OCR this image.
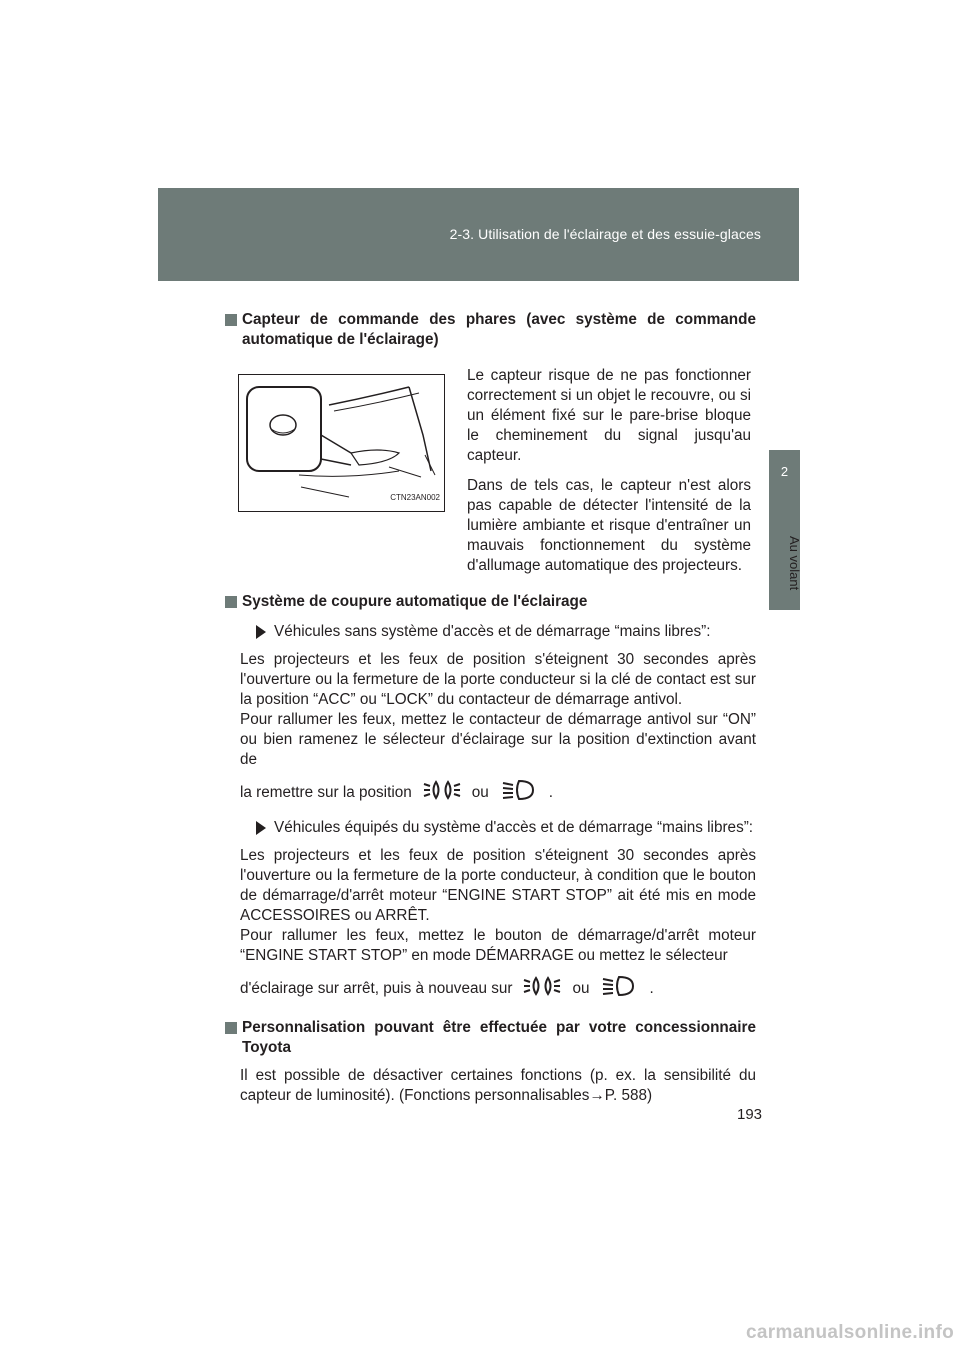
2-3. Utilisation de l'éclairage et des essuie-glaces
2
Au volant
Capteur de commande des phares (avec système de commande automatique de l'éclairage)
CTN23AN002

Le capteur risque de ne pas fonctionner correctement si un objet le recouvre, ou si un élément fixé sur le pare-brise bloque le cheminement du signal jusqu'au capteur.

Dans de tels cas, le capteur n'est alors pas capable de détecter l'intensité de la lumière ambiante et risque d'entraîner un mauvais fonctionnement du système d'allumage automatique des projecteurs.

Système de coupure automatique de l'éclairage
Véhicules sans système d'accès et de démarrage “mains libres”:

Les projecteurs et les feux de position s'éteignent 30 secondes après l'ouverture ou la fermeture de la porte conducteur si la clé de contact est sur la position “ACC” ou “LOCK” du contacteur de démarrage antivol.

Pour rallumer les feux, mettez le contacteur de démarrage antivol sur “ON” ou bien ramenez le sélecteur d'éclairage sur la position d'extinction avant de

la remettre sur la position	ou	.
Véhicules équipés du système d'accès et de démarrage “mains libres”:

Les projecteurs et les feux de position s'éteignent 30 secondes après l'ouverture ou la fermeture de la porte conducteur, à condition que le bouton de démarrage/d'arrêt moteur “ENGINE START STOP” ait été mis en mode ACCESSOIRES ou ARRÊT.

Pour rallumer les feux, mettez le bouton de démarrage/d'arrêt moteur “ENGINE START STOP” en mode DÉMARRAGE ou mettez le sélecteur

d'éclairage sur arrêt, puis à nouveau sur	ou	.
Personnalisation pouvant être effectuée par votre concessionnaire Toyota

Il est possible de désactiver certaines fonctions (p. ex. la sensibilité du capteur de luminosité). (Fonctions personnalisables→P. 588)

193
carmanualsonline.info
